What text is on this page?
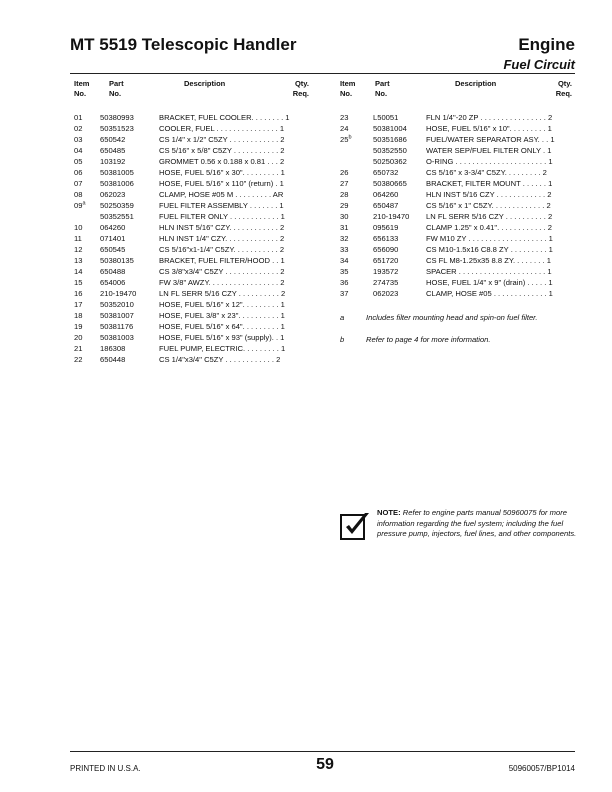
MT 5519 Telescopic Handler	Engine
Fuel Circuit
Item
No.
Part
No.
Description	Qty.
Req.
01 50380993	BRACKET, FUEL COOLER. . . . . . . . 1
02 50351523	COOLER, FUEL . . . . . . . . . . . . . . . 1
03 650542	CS 1/4" x 1/2" C5ZY . . . . . . . . . . . . 2
04 650485	CS 5/16" x 5/8" C5ZY . . . . . . . . . . . 2
05 103192	GROMMET 0.56 x 0.188 x 0.81 . . . 2
06 50381005	HOSE, FUEL 5/16" x 30". . . . . . . . . 1
07 50381006	HOSE, FUEL 5/16" x 110" (return) . 1
08 062023	CLAMP, HOSE #05 M . . . . . . . . . AR
09$^a$ 50250359	FUEL FILTER ASSEMBLY . . . . . . . 1
50352551	FUEL FILTER ONLY . . . . . . . . . . . . 1
10 064260	HLN INST 5/16" CZY. . . . . . . . . . . . 2
11 071401	HLN INST 1/4" CZY. . . . . . . . . . . . . 2
12 650545	CS 5/16"x1-1/4" C5ZY. . . . . . . . . . . 2
13 50380135	BRACKET, FUEL FILTER/HOOD . . 1
14 650488	CS 3/8"x3/4" C5ZY . . . . . . . . . . . . . 2
15 654006	FW 3/8" AWZY. . . . . . . . . . . . . . . . . 2
16 210-19470	LN FL SERR 5/16 CZY . . . . . . . . . . 2
17 50352010	HOSE, FUEL 5/16" x 12". . . . . . . . . 1
18 50381007	HOSE, FUEL 3/8" x 23". . . . . . . . . . 1
19 50381176	HOSE, FUEL 5/16" x 64". . . . . . . . . 1
20 50381003	HOSE, FUEL 5/16" x 93" (supply). . 1
21 186308	FUEL PUMP, ELECTRIC. . . . . . . . . 1
22 650448	CS 1/4"x3/4" C5ZY . . . . . . . . . . . . 2
Item
No.
Part
No.
Description	Qty.
Req.
23	L50051	FLN 1/4"-20 ZP . . . . . . . . . . . . . . . . 2
24	50381004	HOSE, FUEL 5/16" x 10". . . . . . . . . 1
25$^b$	50351686	FUEL/WATER SEPARATOR ASY. . . 1
50352550	WATER SEP/FUEL FILTER ONLY . 1
50250362	O-RING . . . . . . . . . . . . . . . . . . . . . . 1
26	650732	CS 5/16" x 3-3/4" C5ZY. . . . . . . . . 2
27	50380665	BRACKET, FILTER MOUNT . . . . . . 1
28	064260	HLN INST 5/16 CZY . . . . . . . . . . . . 2
29	650487	CS 5/16" x 1" C5ZY. . . . . . . . . . . . . 2
30	210-19470 LN FL SERR 5/16 CZY . . . . . . . . . . 2
31	095619	CLAMP 1.25" x 0.41". . . . . . . . . . . . 2
32	656133	FW M10 ZY . . . . . . . . . . . . . . . . . . . 1
33	656090	CS M10-1.5x16 C8.8 ZY . . . . . . . . . 1
34	651720	CS FL M8-1.25x35 8.8 ZY. . . . . . . . 1
35	193572	SPACER . . . . . . . . . . . . . . . . . . . . . 1
36	274735	HOSE, FUEL 1/4" x 9" (drain) . . . . . 1
37	062023	CLAMP, HOSE #05 . . . . . . . . . . . . . 1
a	Includes filter mounting head and spin-on fuel filter.
b	Refer to page 4 for more information.
NOTE: Refer to engine parts manual 50960075 for more information regarding the fuel system; including the fuel pressure pump, injectors, fuel lines, and other components.
PRINTED IN U.S.A.	59	50960057/BP1014
